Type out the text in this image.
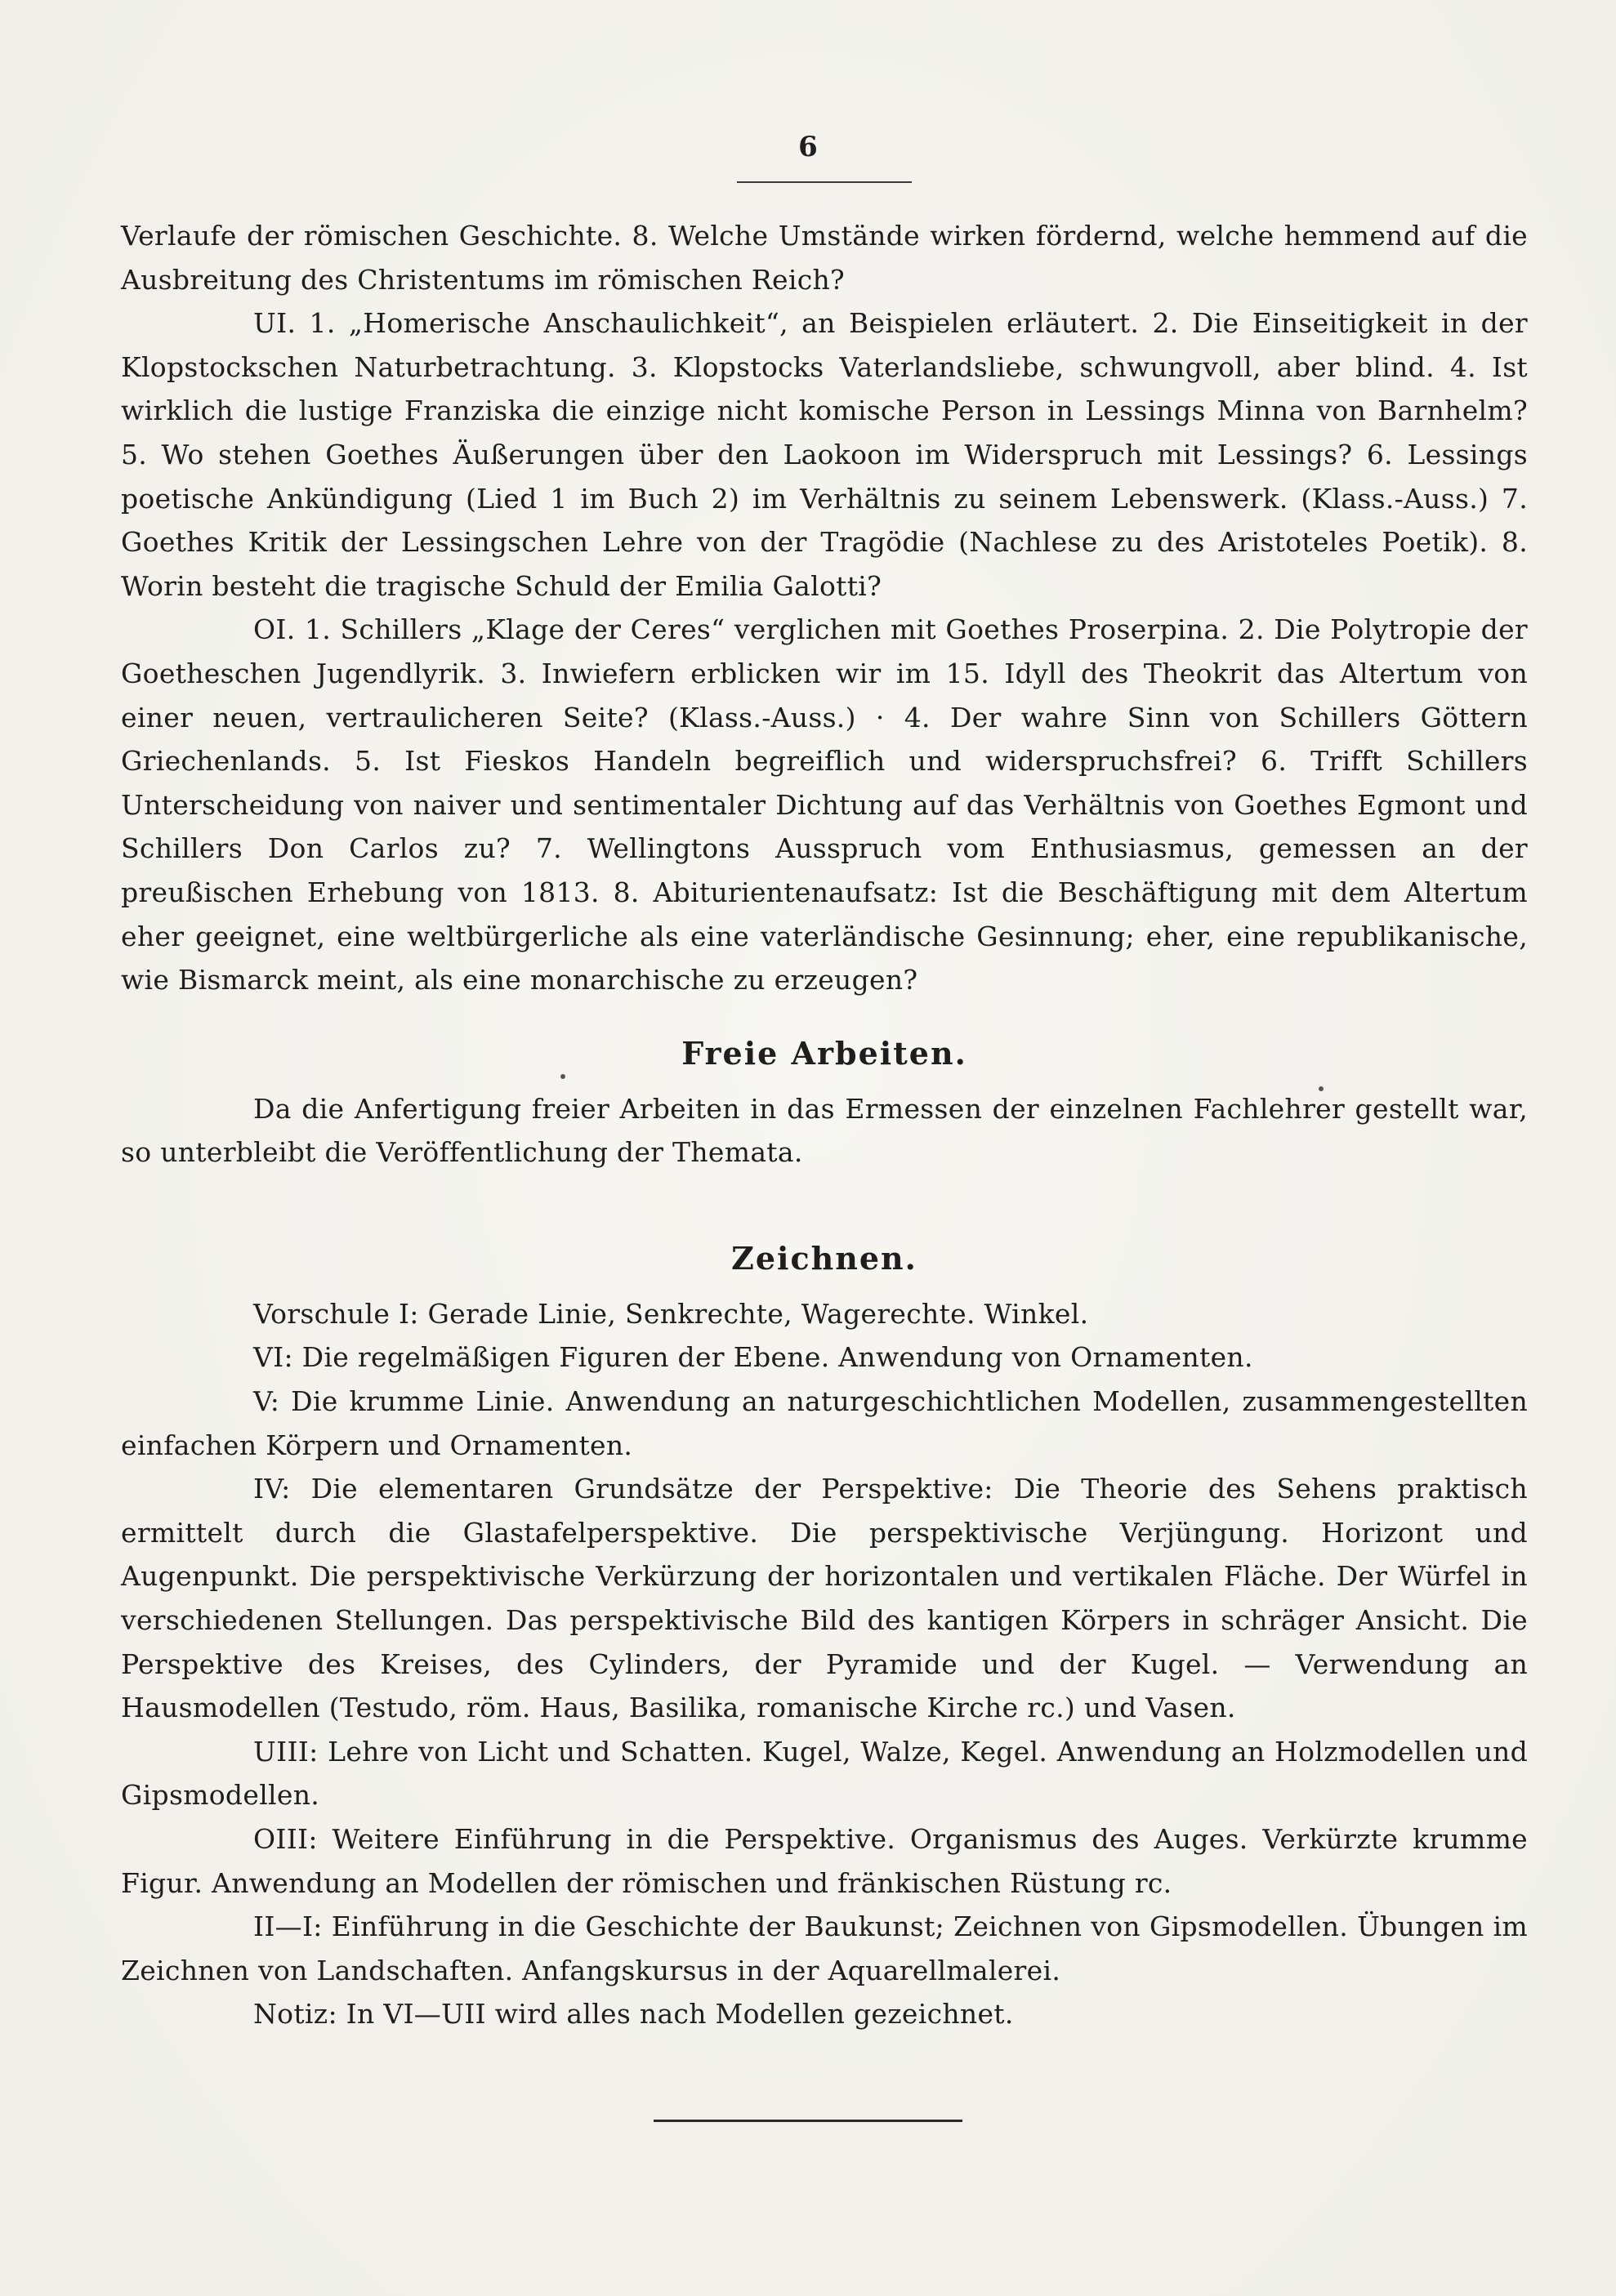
6

Verlaufe der römischen Geschichte. 8. Welche Umstände wirken fördernd, welche hemmend auf die Ausbreitung des Christentums im römischen Reich?

UI. 1. „Homerische Anschaulichkeit“, an Beispielen erläutert. 2. Die Einseitigkeit in der Klopstockschen Naturbetrachtung. 3. Klopstocks Vaterlandsliebe, schwungvoll, aber blind. 4. Ist wirklich die lustige Franziska die einzige nicht komische Person in Lessings Minna von Barnhelm? 5. Wo stehen Goethes Äußerungen über den Laokoon im Widerspruch mit Lessings? 6. Lessings poetische Ankündigung (Lied 1 im Buch 2) im Verhältnis zu seinem Lebenswerk. (Klass.-Auss.) 7. Goethes Kritik der Lessingschen Lehre von der Tragödie (Nachlese zu des Aristoteles Poetik). 8. Worin besteht die tragische Schuld der Emilia Galotti?

OI. 1. Schillers „Klage der Ceres“ verglichen mit Goethes Proserpina. 2. Die Polytropie der Goetheschen Jugendlyrik. 3. Inwiefern erblicken wir im 15. Idyll des Theokrit das Altertum von einer neuen, vertraulicheren Seite? (Klass.-Auss.) · 4. Der wahre Sinn von Schillers Göttern Griechenlands. 5. Ist Fieskos Handeln begreiflich und widerspruchsfrei? 6. Trifft Schillers Unterscheidung von naiver und sentimentaler Dichtung auf das Verhältnis von Goethes Egmont und Schillers Don Carlos zu? 7. Wellingtons Ausspruch vom Enthusiasmus, gemessen an der preußischen Erhebung von 1813. 8. Abiturientenaufsatz: Ist die Beschäftigung mit dem Altertum eher geeignet, eine weltbürgerliche als eine vaterländische Gesinnung; eher, eine republikanische, wie Bismarck meint, als eine monarchische zu erzeugen?

Freie Arbeiten.

Da die Anfertigung freier Arbeiten in das Ermessen der einzelnen Fachlehrer gestellt war, so unterbleibt die Veröffentlichung der Themata.

Zeichnen.

Vorschule I: Gerade Linie, Senkrechte, Wagerechte. Winkel.

VI: Die regelmäßigen Figuren der Ebene. Anwendung von Ornamenten.

V: Die krumme Linie. Anwendung an naturgeschichtlichen Modellen, zusammengestellten einfachen Körpern und Ornamenten.

IV: Die elementaren Grundsätze der Perspektive: Die Theorie des Sehens praktisch ermittelt durch die Glastafelperspektive. Die perspektivische Verjüngung. Horizont und Augenpunkt. Die perspektivische Verkürzung der horizontalen und vertikalen Fläche. Der Würfel in verschiedenen Stellungen. Das perspektivische Bild des kantigen Körpers in schräger Ansicht. Die Perspektive des Kreises, des Cylinders, der Pyramide und der Kugel. — Verwendung an Hausmodellen (Testudo, röm. Haus, Basilika, romanische Kirche rc.) und Vasen.

UIII: Lehre von Licht und Schatten. Kugel, Walze, Kegel. Anwendung an Holzmodellen und Gipsmodellen.

OIII: Weitere Einführung in die Perspektive. Organismus des Auges. Verkürzte krumme Figur. Anwendung an Modellen der römischen und fränkischen Rüstung rc.

II—I: Einführung in die Geschichte der Baukunst; Zeichnen von Gipsmodellen. Übungen im Zeichnen von Landschaften. Anfangskursus in der Aquarellmalerei.

Notiz: In VI—UII wird alles nach Modellen gezeichnet.
